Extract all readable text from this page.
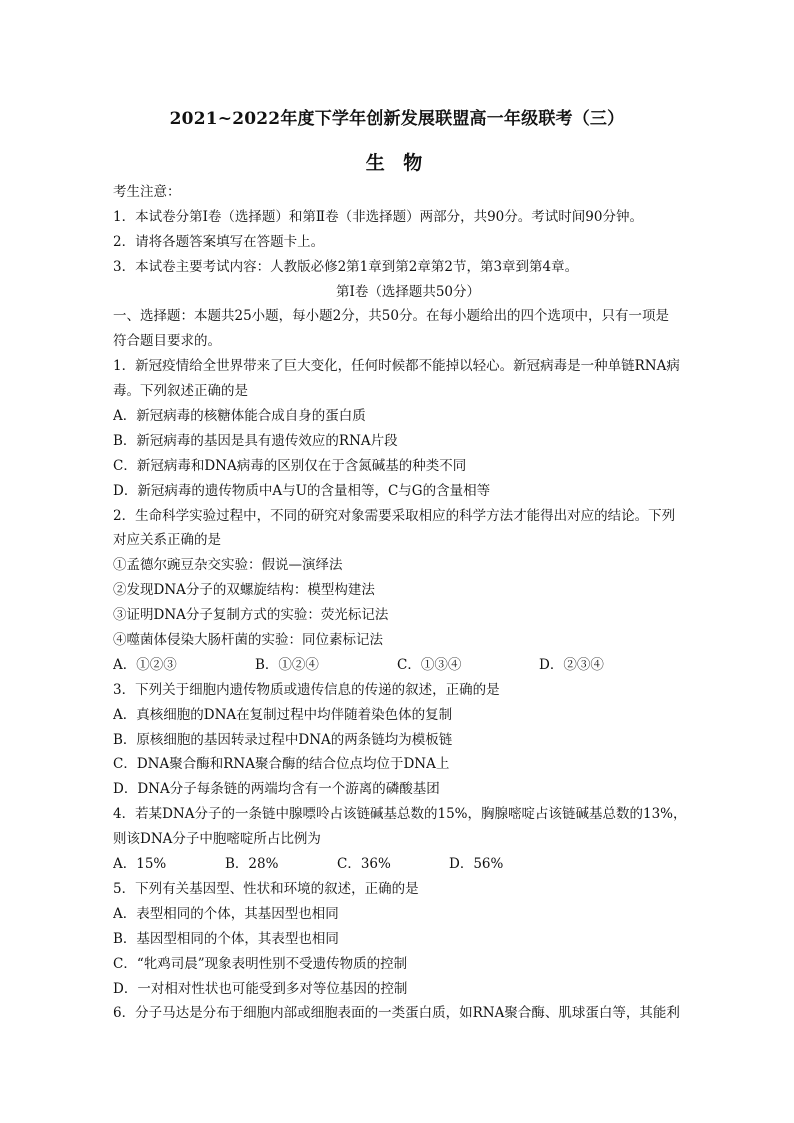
2021~2022年度下学年创新发展联盟高一年级联考（三）
生 物
考生注意：
1．本试卷分第Ⅰ卷（选择题）和第Ⅱ卷（非选择题）两部分，共90分。考试时间90分钟。
2．请将各题答案填写在答题卡上。
3．本试卷主要考试内容：人教版必修2第1章到第2章第2节，第3章到第4章。
第Ⅰ卷（选择题共50分）
一、选择题：本题共25小题，每小题2分，共50分。在每小题给出的四个选项中，只有一项是
符合题目要求的。
1．新冠疫情给全世界带来了巨大变化，任何时候都不能掉以轻心。新冠病毒是一种单链RNA病
毒。下列叙述正确的是
A．新冠病毒的核糖体能合成自身的蛋白质
B．新冠病毒的基因是具有遗传效应的RNA片段
C．新冠病毒和DNA病毒的区别仅在于含氮碱基的种类不同
D．新冠病毒的遗传物质中A与U的含量相等，C与G的含量相等
2．生命科学实验过程中，不同的研究对象需要采取相应的科学方法才能得出对应的结论。下列
对应关系正确的是
①孟德尔豌豆杂交实验：假说—演绎法
②发现DNA分子的双螺旋结构：模型构建法
③证明DNA分子复制方式的实验：荧光标记法
④噬菌体侵染大肠杆菌的实验：同位素标记法
A．①②③	B．①②④	C．①③④	D．②③④
3．下列关于细胞内遗传物质或遗传信息的传递的叙述，正确的是
A．真核细胞的DNA在复制过程中均伴随着染色体的复制
B．原核细胞的基因转录过程中DNA的两条链均为模板链
C．DNA聚合酶和RNA聚合酶的结合位点均位于DNA上
D．DNA分子每条链的两端均含有一个游离的磷酸基团
4．若某DNA分子的一条链中腺嘌呤占该链碱基总数的15%，胸腺嘧啶占该链碱基总数的13%，
则该DNA分子中胞嘧啶所占比例为
A．15%	B．28%	C．36%	D．56%
5．下列有关基因型、性状和环境的叙述，正确的是
A．表型相同的个体，其基因型也相同
B．基因型相同的个体，其表型也相同
C．“牝鸡司晨”现象表明性别不受遗传物质的控制
D．一对相对性状也可能受到多对等位基因的控制
6．分子马达是分布于细胞内部或细胞表面的一类蛋白质，如RNA聚合酶、肌球蛋白等，其能利
